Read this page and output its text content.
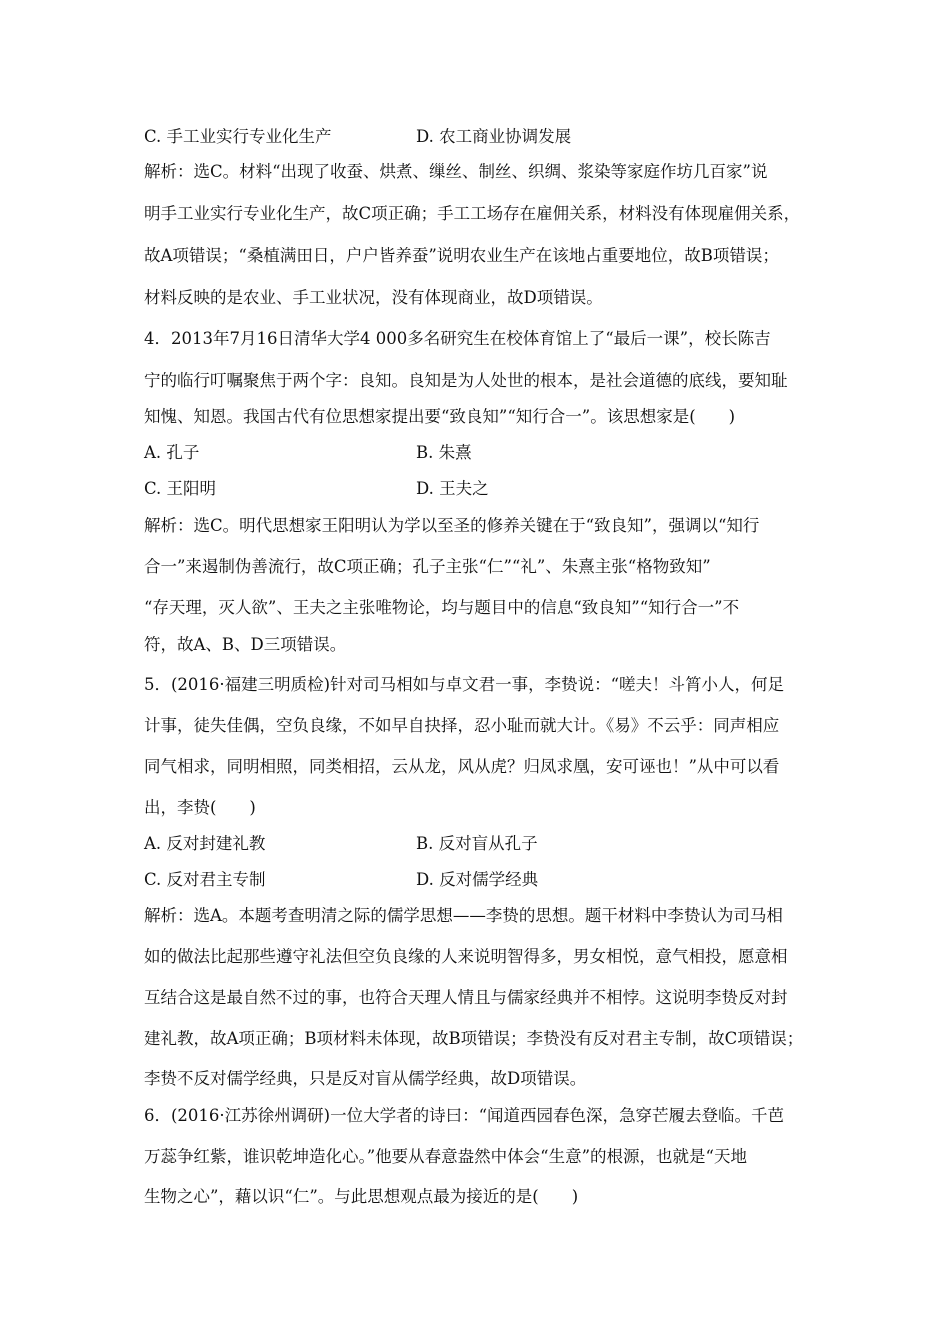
C. 手工业实行专业化生产	D. 农工商业协调发展
解析：选C。材料“出现了收蚕、烘煮、缫丝、制丝、织绸、浆染等家庭作坊几百家”说
明手工业实行专业化生产，故C项正确；手工工场存在雇佣关系，材料没有体现雇佣关系，
故A项错误；“桑植满田日，户户皆养蚕”说明农业生产在该地占重要地位，故B项错误；
材料反映的是农业、手工业状况，没有体现商业，故D项错误。
4．2013年7月16日清华大学4 000多名研究生在校体育馆上了“最后一课”，校长陈吉
宁的临行叮嘱聚焦于两个字：良知。良知是为人处世的根本，是社会道德的底线，要知耻
知愧、知恩。我国古代有位思想家提出要“致良知”“知行合一”。该思想家是(　　)
A. 孔子	B. 朱熹
C. 王阳明	D. 王夫之
解析：选C。明代思想家王阳明认为学以至圣的修养关键在于“致良知”，强调以“知行
合一”来遏制伪善流行，故C项正确；孔子主张“仁”“礼”、朱熹主张“格物致知”
“存天理，灭人欲”、王夫之主张唯物论，均与题目中的信息“致良知”“知行合一”不
符，故A、B、D三项错误。
5．(2016·福建三明质检)针对司马相如与卓文君一事，李贽说：“嗟夫！斗筲小人，何足
计事，徒失佳偶，空负良缘，不如早自抉择，忍小耻而就大计。《易》不云乎：同声相应
同气相求，同明相照，同类相招，云从龙，风从虎？归凤求凰，安可诬也！”从中可以看
出，李贽(　　)
A. 反对封建礼教	B. 反对盲从孔子
C. 反对君主专制	D. 反对儒学经典
解析：选A。本题考查明清之际的儒学思想——李贽的思想。题干材料中李贽认为司马相
如的做法比起那些遵守礼法但空负良缘的人来说明智得多，男女相悦，意气相投，愿意相
互结合这是最自然不过的事，也符合天理人情且与儒家经典并不相悖。这说明李贽反对封
建礼教，故A项正确；B项材料未体现，故B项错误；李贽没有反对君主专制，故C项错误；
李贽不反对儒学经典，只是反对盲从儒学经典，故D项错误。
6．(2016·江苏徐州调研)一位大学者的诗曰：“闻道西园春色深，急穿芒履去登临。千芭
万蕊争红紫，谁识乾坤造化心。”他要从春意盎然中体会“生意”的根源，也就是“天地
生物之心”，藉以识“仁”。与此思想观点最为接近的是(　　)
